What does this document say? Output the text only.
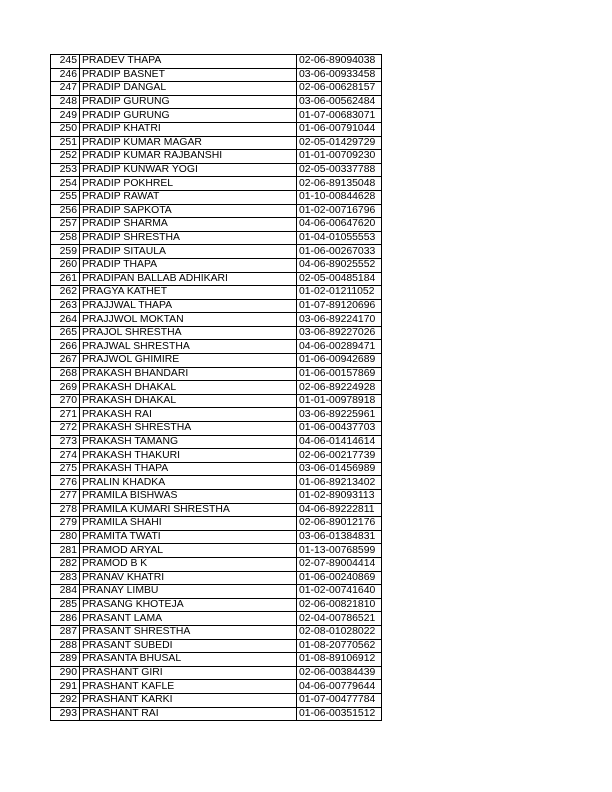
245	PRADEV THAPA	02-06-89094038
246	PRADIP BASNET	03-06-00933458
247	PRADIP DANGAL	02-06-00628157
248	PRADIP GURUNG	03-06-00562484
249	PRADIP GURUNG	01-07-00683071
250	PRADIP KHATRI	01-06-00791044
251	PRADIP KUMAR MAGAR	02-05-01429729
252	PRADIP KUMAR RAJBANSHI	01-01-00709230
253	PRADIP KUNWAR YOGI	02-05-00337788
254	PRADIP POKHREL	02-06-89135048
255	PRADIP RAWAT	01-10-00844628
256	PRADIP SAPKOTA	01-02-00716796
257	PRADIP SHARMA	04-06-00647620
258	PRADIP SHRESTHA	01-04-01055553
259	PRADIP SITAULA	01-06-00267033
260	PRADIP THAPA	04-06-89025552
261	PRADIPAN BALLAB ADHIKARI	02-05-00485184
262	PRAGYA KATHET	01-02-01211052
263	PRAJJWAL THAPA	01-07-89120696
264	PRAJJWOL MOKTAN	03-06-89224170
265	PRAJOL SHRESTHA	03-06-89227026
266	PRAJWAL SHRESTHA	04-06-00289471
267	PRAJWOL GHIMIRE	01-06-00942689
268	PRAKASH BHANDARI	01-06-00157869
269	PRAKASH DHAKAL	02-06-89224928
270	PRAKASH DHAKAL	01-01-00978918
271	PRAKASH RAI	03-06-89225961
272	PRAKASH SHRESTHA	01-06-00437703
273	PRAKASH TAMANG	04-06-01414614
274	PRAKASH THAKURI	02-06-00217739
275	PRAKASH THAPA	03-06-01456989
276	PRALIN KHADKA	01-06-89213402
277	PRAMILA BISHWAS	01-02-89093113
278	PRAMILA KUMARI SHRESTHA	04-06-89222811
279	PRAMILA SHAHI	02-06-89012176
280	PRAMITA TWATI	03-06-01384831
281	PRAMOD ARYAL	01-13-00768599
282	PRAMOD B K	02-07-89004414
283	PRANAV KHATRI	01-06-00240869
284	PRANAY LIMBU	01-02-00741640
285	PRASANG KHOTEJA	02-06-00821810
286	PRASANT LAMA	02-04-00786521
287	PRASANT SHRESTHA	02-08-01028022
288	PRASANT SUBEDI	01-08-20770562
289	PRASANTA BHUSAL	01-08-89106912
290	PRASHANT GIRI	02-06-00384439
291	PRASHANT KAFLE	04-06-00779644
292	PRASHANT KARKI	01-07-00477784
293	PRASHANT RAI	01-06-00351512
